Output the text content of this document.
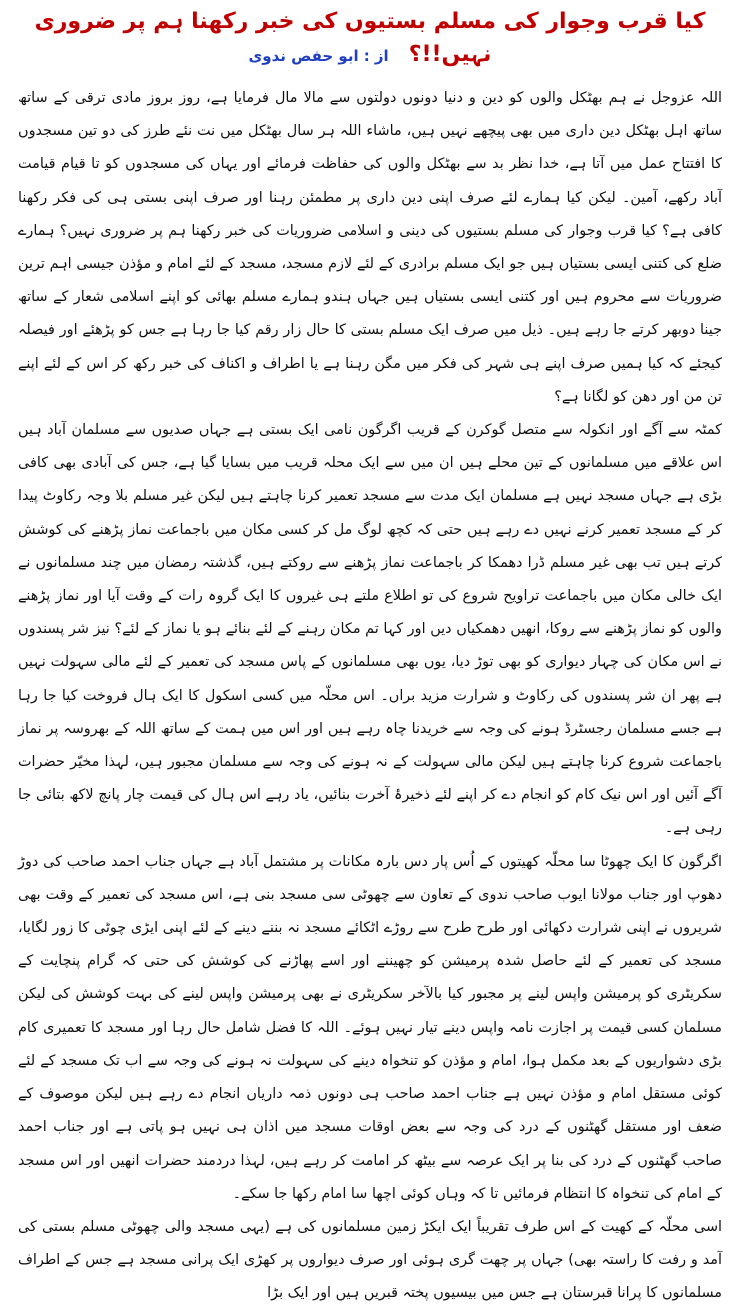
کیا قرب وجوار کی مسلم بستیوں کی خبر رکھنا ہم پر ضروری نہیں!!؟ از : ابو حفص ندوی

اللہ عزوجل نے ہم بھٹکل والوں کو دین و دنیا دونوں دولتوں سے مالا مال فرمایا ہے، روز بروز مادی ترقی کے ساتھ ساتھ اہل بھٹکل دین داری میں بھی پیچھے نہیں ہیں، ماشاء اللہ ہر سال بھٹکل میں نت نئے طرز کی دو تین مسجدوں کا افتتاح عمل میں آتا ہے، خدا نظر بد سے بھٹکل والوں کی حفاظت فرمائے اور یہاں کی مسجدوں کو تا قیام قیامت آباد رکھے، آمین۔ لیکن کیا ہمارے لئے صرف اپنی دین داری پر مطمئن رہنا اور صرف اپنی بستی ہی کی فکر رکھنا کافی ہے؟ کیا قرب وجوار کی مسلم بستیوں کی دینی و اسلامی ضروریات کی خبر رکھنا ہم پر ضروری نہیں؟ ہمارے ضلع کی کتنی ایسی بستیاں ہیں جو ایک مسلم برادری کے لئے لازم مسجد، مسجد کے لئے امام و مؤذن جیسی اہم ترین ضروریات سے محروم ہیں اور کتنی ایسی بستیاں ہیں جہاں ہندو ہمارے مسلم بھائی کو اپنے اسلامی شعار کے ساتھ جینا دوبھر کرتے جا رہے ہیں۔ ذیل میں صرف ایک مسلم بستی کا حال زار رقم کیا جا رہا ہے جس کو پڑھئے اور فیصلہ کیجئے کہ کیا ہمیں صرف اپنے ہی شہر کی فکر میں مگن رہنا ہے یا اطراف و اکناف کی خبر رکھ کر اس کے لئے اپنے تن من اور دھن کو لگانا ہے؟

کمٹہ سے آگے اور انکولہ سے متصل گوکرن کے قریب اگرگون نامی ایک بستی ہے جہاں صدیوں سے مسلمان آباد ہیں اس علاقے میں مسلمانوں کے تین محلے ہیں ان میں سے ایک محلہ قریب میں بسایا گیا ہے، جس کی آبادی بھی کافی بڑی ہے جہاں مسجد نہیں ہے مسلمان ایک مدت سے مسجد تعمیر کرنا چاہتے ہیں لیکن غیر مسلم بلا وجہ رکاوٹ پیدا کر کے مسجد تعمیر کرنے نہیں دے رہے ہیں حتی کہ کچھ لوگ مل کر کسی مکان میں باجماعت نماز پڑھنے کی کوشش کرتے ہیں تب بھی غیر مسلم ڈرا دھمکا کر باجماعت نماز پڑھنے سے روکتے ہیں، گذشتہ رمضان میں چند مسلمانوں نے ایک خالی مکان میں باجماعت تراویح شروع کی تو اطلاع ملتے ہی غیروں کا ایک گروہ رات کے وقت آیا اور نماز پڑھنے والوں کو نماز پڑھنے سے روکا، انھیں دھمکیاں دیں اور کہا تم مکان رہنے کے لئے بنائے ہو یا نماز کے لئے؟ نیز شر پسندوں نے اس مکان کی چہار دیواری کو بھی توڑ دیا، یوں بھی مسلمانوں کے پاس مسجد کی تعمیر کے لئے مالی سہولت نہیں ہے پھر ان شر پسندوں کی رکاوٹ و شرارت مزید براں۔ اس محلّہ میں کسی اسکول کا ایک ہال فروخت کیا جا رہا ہے جسے مسلمان رجسٹرڈ ہونے کی وجہ سے خریدنا چاہ رہے ہیں اور اس میں ہمت کے ساتھ اللہ کے بھروسہ پر نماز باجماعت شروع کرنا چاہتے ہیں لیکن مالی سہولت کے نہ ہونے کی وجہ سے مسلمان مجبور ہیں، لہذا مخیّر حضرات آگے آئیں اور اس نیک کام کو انجام دے کر اپنے لئے ذخیرۂ آخرت بنائیں، یاد رہے اس ہال کی قیمت چار پانچ لاکھ بتائی جا رہی ہے۔

اگرگون کا ایک چھوٹا سا محلّہ کھیتوں کے اُس پار دس بارہ مکانات پر مشتمل آباد ہے جہاں جناب احمد صاحب کی دوڑ دھوپ اور جناب مولانا ایوب صاحب ندوی کے تعاون سے چھوٹی سی مسجد بنی ہے، اس مسجد کی تعمیر کے وقت بھی شریروں نے اپنی شرارت دکھائی اور طرح طرح سے روڑے اٹکائے مسجد نہ بننے دینے کے لئے اپنی ایڑی چوٹی کا زور لگایا، مسجد کی تعمیر کے لئے حاصل شدہ پرمیشن کو چھیننے اور اسے پھاڑنے کی کوشش کی حتی کہ گرام پنچایت کے سکریٹری کو پرمیشن واپس لینے پر مجبور کیا بالآخر سکریٹری نے بھی پرمیشن واپس لینے کی بہت کوشش کی لیکن مسلمان کسی قیمت پر اجازت نامہ واپس دینے تیار نہیں ہوئے۔ اللہ کا فضل شامل حال رہا اور مسجد کا تعمیری کام بڑی دشواریوں کے بعد مکمل ہوا، امام و مؤذن کو تنخواہ دینے کی سہولت نہ ہونے کی وجہ سے اب تک مسجد کے لئے کوئی مستقل امام و مؤذن نہیں ہے جناب احمد صاحب ہی دونوں ذمہ داریاں انجام دے رہے ہیں لیکن موصوف کے ضعف اور مستقل گھٹنوں کے درد کی وجہ سے بعض اوقات مسجد میں اذان ہی نہیں ہو پاتی ہے اور جناب احمد صاحب گھٹنوں کے درد کی بنا پر ایک عرصہ سے بیٹھ کر امامت کر رہے ہیں، لہذا دردمند حضرات انھیں اور اس مسجد کے امام کی تنخواہ کا انتظام فرمائیں تا کہ وہاں کوئی اچھا سا امام رکھا جا سکے۔

اسی محلّہ کے کھیت کے اس طرف تقریباً ایک ایکڑ زمین مسلمانوں کی ہے (یہی مسجد والی چھوٹی مسلم بستی کی آمد و رفت کا راستہ بھی) جہاں پر چھت گری ہوئی اور صرف دیواروں پر کھڑی ایک پرانی مسجد ہے جس کے اطراف مسلمانوں کا پرانا قبرستان ہے جس میں بیسیوں پختہ قبریں ہیں اور ایک بڑا
